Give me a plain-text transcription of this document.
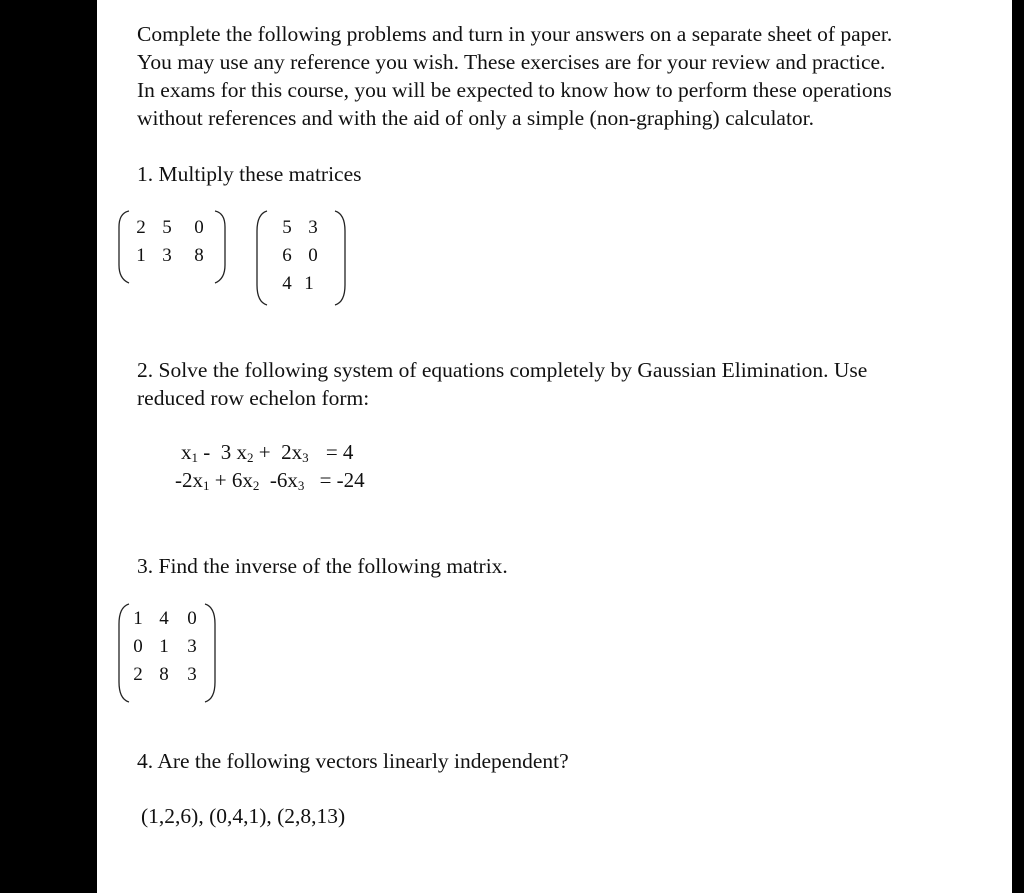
Complete the following problems and turn in your answers on a separate sheet of paper.
You may use any reference you wish. These exercises are for your review and practice.
In exams for this course, you will be expected to know how to perform these operations
without references and with the aid of only a simple (non-graphing) calculator.
1. Multiply these matrices
2 5 0
1 3 8
5 3
6 0
4 1
2. Solve the following system of equations completely by Gaussian Elimination. Use
reduced row echelon form:
$x_1 - 3$ $x_2 + 2x_3 = 4$
$-2x_1 + 6x_2$  $-6x_3 = -24$
3. Find the inverse of the following matrix.
1 4 0
0 1 3
2 8 3
4. Are the following vectors linearly independent?
(1,2,6), (0,4,1), (2,8,13)
